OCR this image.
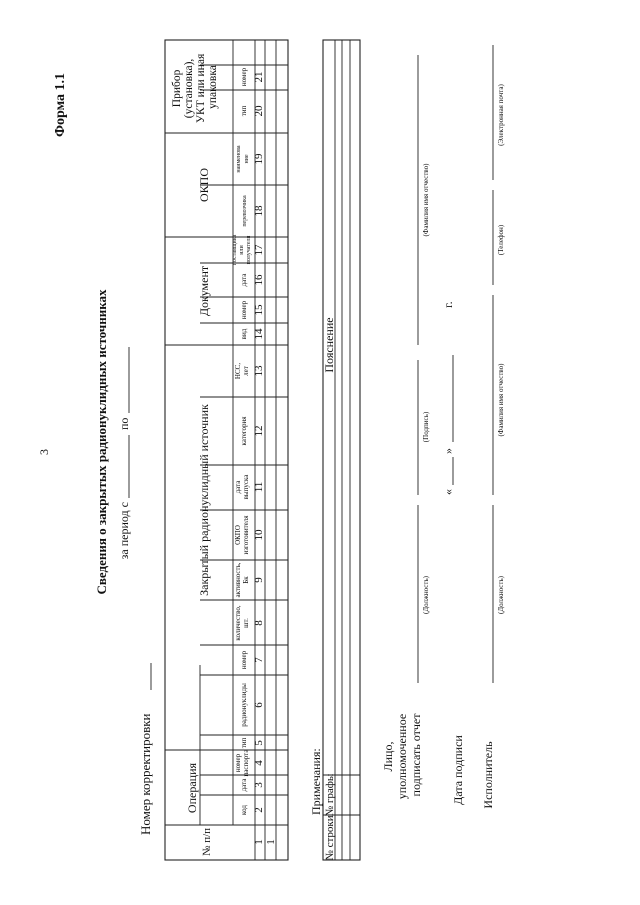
3
Форма 1.1
Сведения о закрытых радионуклидных источниках за период с
по
Номер корректировки
№ п/п
Операция
Закрытый радионуклидный источник
Документ
ОКПО
Прибор (установка), УКТ или иная упаковка
код
дата
номерпаспорта
тип
радионуклиды
номер
количество,шт.
активность,Бк
ОКПОизготовителя
датавыпуска
категория
НСС,лет
вид
номер
дата
поставщикаилиполучателя
перевозчика
наименова ние
тип
номер
1
2
3
4
5
6
7
8
9
10
11
12
13
14
15
16
17
18
19
20
21
1
Примечания:
№ строки
№ графы
Пояснение
Лицо, уполномоченное подписать отчет
(Должность)
(Подпись)
(Фамилия имя отчество)
Дата подписи
«
»
г.
Исполнитель
(Должность)
(Фамилия имя отчество)
(Телефон)
(Электронная почта)
